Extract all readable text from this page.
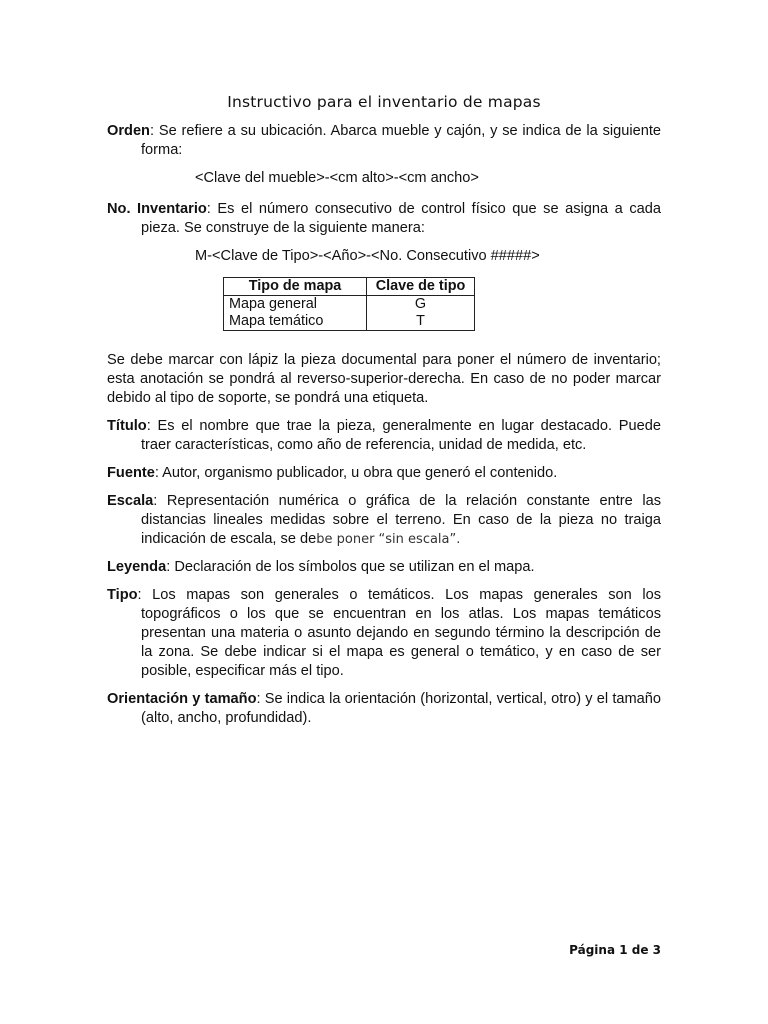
Instructivo para el inventario de mapas

Orden: Se refiere a su ubicación. Abarca mueble y cajón, y se indica de la siguiente forma:

<Clave del mueble>-<cm alto>-<cm ancho>

No. Inventario: Es el número consecutivo de control físico que se asigna a cada pieza. Se construye de la siguiente manera:

M-<Clave de Tipo>-<Año>-<No. Consecutivo #####>
Tipo de mapa	Clave de tipo
Mapa general	G
Mapa temático	T

Se debe marcar con lápiz la pieza documental para poner el número de inventario; esta anotación se pondrá al reverso-superior-derecha. En caso de no poder marcar debido al tipo de soporte, se pondrá una etiqueta.

Título: Es el nombre que trae la pieza, generalmente en lugar destacado. Puede traer características, como año de referencia, unidad de medida, etc.

Fuente: Autor, organismo publicador, u obra que generó el contenido.

Escala: Representación numérica o gráfica de la relación constante entre las distancias lineales medidas sobre el terreno. En caso de la pieza no traiga indicación de escala, se debe poner “sin escala”.

Leyenda: Declaración de los símbolos que se utilizan en el mapa.

Tipo: Los mapas son generales o temáticos. Los mapas generales son los topográficos o los que se encuentran en los atlas. Los mapas temáticos presentan una materia o asunto dejando en segundo término la descripción de la zona. Se debe indicar si el mapa es general o temático, y en caso de ser posible, especificar más el tipo.

Orientación y tamaño: Se indica la orientación (horizontal, vertical, otro) y el tamaño (alto, ancho, profundidad).

Página 1 de 3
